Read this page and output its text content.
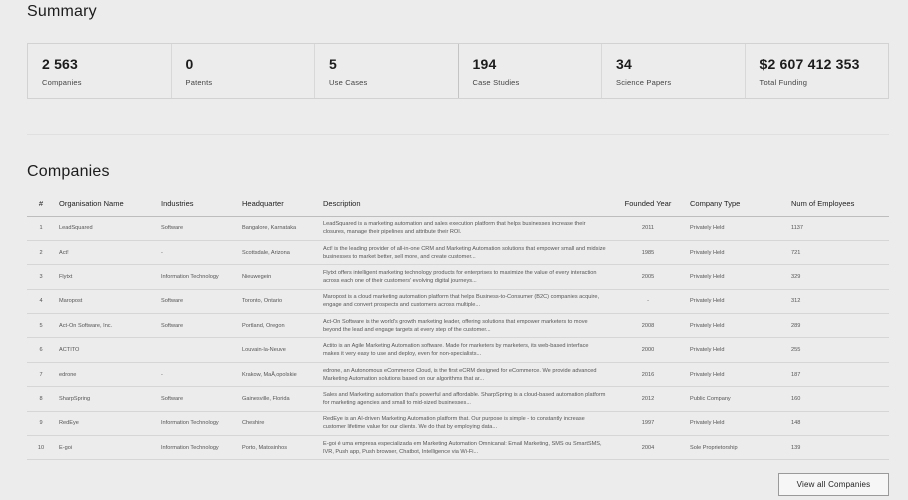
Summary
2 563
Companies
0
Patents
5
Use Cases
194
Case Studies
34
Science Papers
$2 607 412 353
Total Funding
Companies
#	Organisation Name	Industries	Headquarter	Description	Founded Year	Company Type	Num of Employees

1	LeadSquared	Software	Bangalore, Karnataka	LeadSquared is a marketing automation and sales execution platform that helps businesses increase their closures, manage their pipelines and attribute their ROI.	2011	Privately Held	1137

2	Act!	-	Scottsdale, Arizona	Act! is the leading provider of all-in-one CRM and Marketing Automation solutions that empower small and midsize businesses to market better, sell more, and create customer...	1985	Privately Held	721

3	Flytxt	Information Technology	Nieuwegein	Flytxt offers intelligent marketing technology products for enterprises to maximize the value of every interaction across each one of their customers' evolving digital journeys...	2005	Privately Held	329

4	Maropost	Software	Toronto, Ontario	Maropost is a cloud marketing automation platform that helps Business-to-Consumer (B2C) companies acquire, engage and convert prospects and customers across multiple...	-	Privately Held	312

5	Act-On Software, Inc.	Software	Portland, Oregon	Act-On Software is the world's growth marketing leader, offering solutions that empower marketers to move beyond the lead and engage targets at every step of the customer...	2008	Privately Held	289

6	ACTITO		Louvain-la-Neuve	Actito is an Agile Marketing Automation software. Made for marketers by marketers, its web-based interface makes it very easy to use and deploy, even for non-specialists...	2000	Privately Held	255

7	edrone	-	Krakow, MaÅ‚opolskie	edrone, an Autonomous eCommerce Cloud, is the first eCRM designed for eCommerce. We provide advanced Marketing Automation solutions based on our algorithms that ar...	2016	Privately Held	187

8	SharpSpring	Software	Gainesville, Florida	Sales and Marketing automation that's powerful and affordable. SharpSpring is a cloud-based automation platform for marketing agencies and small to mid-sized businesses...	2012	Public Company	160

9	RedEye	Information Technology	Cheshire	RedEye is an AI-driven Marketing Automation platform that. Our purpose is simple - to constantly increase customer lifetime value for our clients. We do that by employing data...	1997	Privately Held	148

10	E-goi	Information Technology	Porto, Matosinhos	E-goi é uma empresa especializada em Marketing Automation Omnicanal: Email Marketing, SMS ou SmartSMS, IVR, Push app, Push browser, Chatbot, Intelligence via Wi-Fi...	2004	Sole Proprietorship	139
View all Companies
